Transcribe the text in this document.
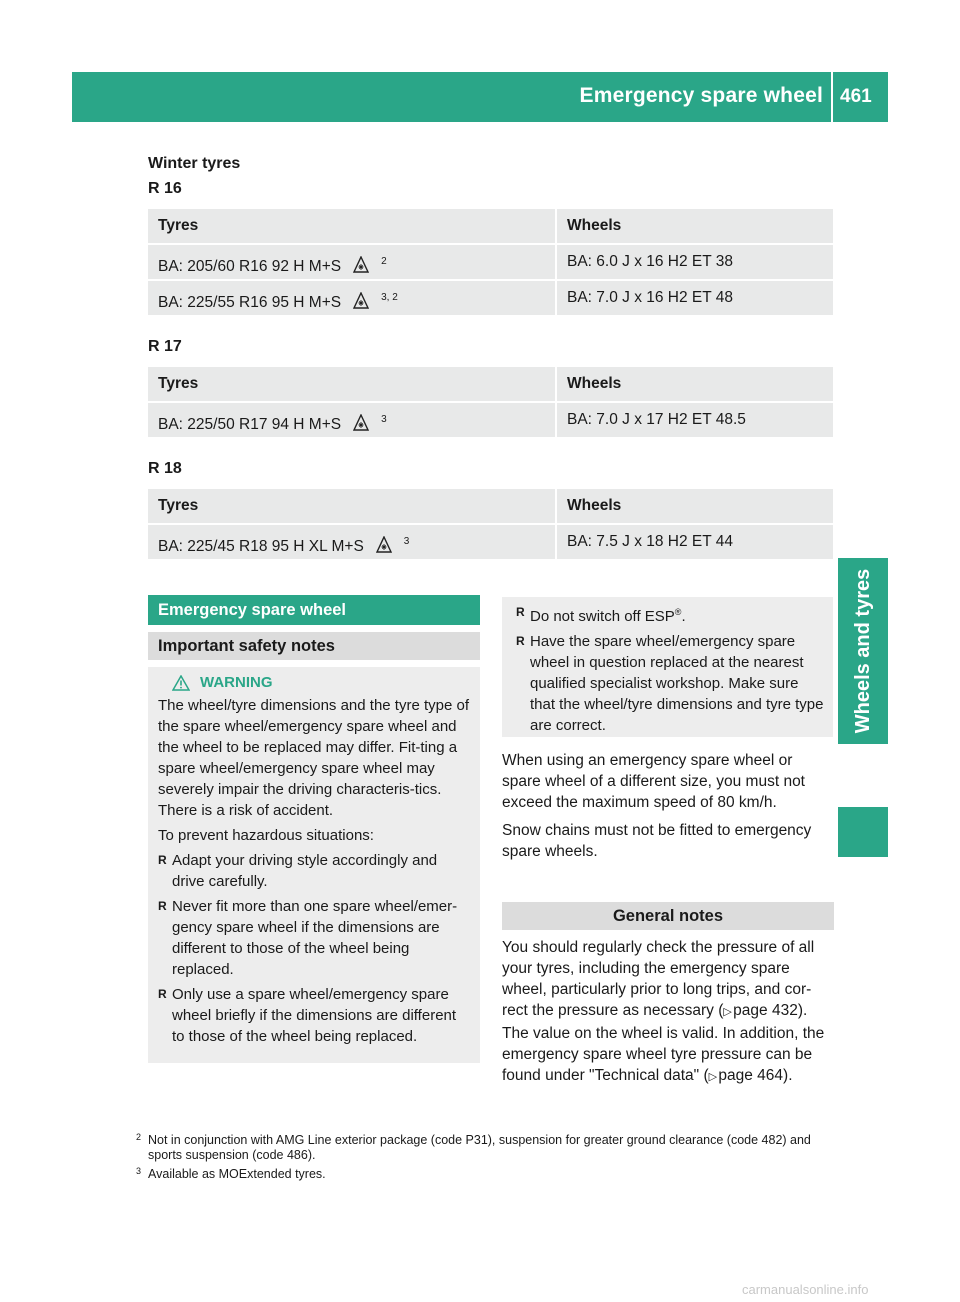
Emergency spare wheel 461
Wheels and tyres
Winter tyres
R 16
Tyres	Wheels
BA: 205/60 R16 92 H M+S	$^2$	BA: 6.0 J x 16 H2 ET 38
BA: 225/55 R16 95 H M+S	$^{3, 2}$	BA: 7.0 J x 16 H2 ET 48
R 17
Tyres	Wheels
BA: 225/50 R17 94 H M+S	$^3$	BA: 7.0 J x 17 H2 ET 48.5
R 18
Tyres	Wheels
BA: 225/45 R18 95 H XL M+S	$^3$	BA: 7.5 J x 18 H2 ET 44
Emergency spare wheel
Important safety notes
WARNING

The wheel/tyre dimensions and the tyre type of the spare wheel/emergency spare wheel and the wheel to be replaced may differ. Fit-ting a spare wheel/emergency spare wheel may severely impair the driving characteris-tics. There is a risk of accident.

To prevent hazardous situations:

R Adapt your driving style accordingly and drive carefully.
R Never fit more than one spare wheel/emer-gency spare wheel if the dimensions are different to those of the wheel being replaced.
R Only use a spare wheel/emergency spare wheel briefly if the dimensions are different to those of the wheel being replaced.
R Do not switch off ESP®.
R Have the spare wheel/emergency spare wheel in question replaced at the nearest qualified specialist workshop. Make sure that the wheel/tyre dimensions and tyre type are correct.

When using an emergency spare wheel or spare wheel of a different size, you must not exceed the maximum speed of 80 km/h.

Snow chains must not be fitted to emergency spare wheels.

General notes

You should regularly check the pressure of all your tyres, including the emergency spare wheel, particularly prior to long trips, and cor-rect the pressure as necessary (▷ page 432). The value on the wheel is valid. In addition, the emergency spare wheel tyre pressure can be found under "Technical data" (▷ page 464).

2 Not in conjunction with AMG Line exterior package (code P31), suspension for greater ground clearance (code 482) and sports suspension (code 486).
3 Available as MOExtended tyres.
carmanualsonline.info
